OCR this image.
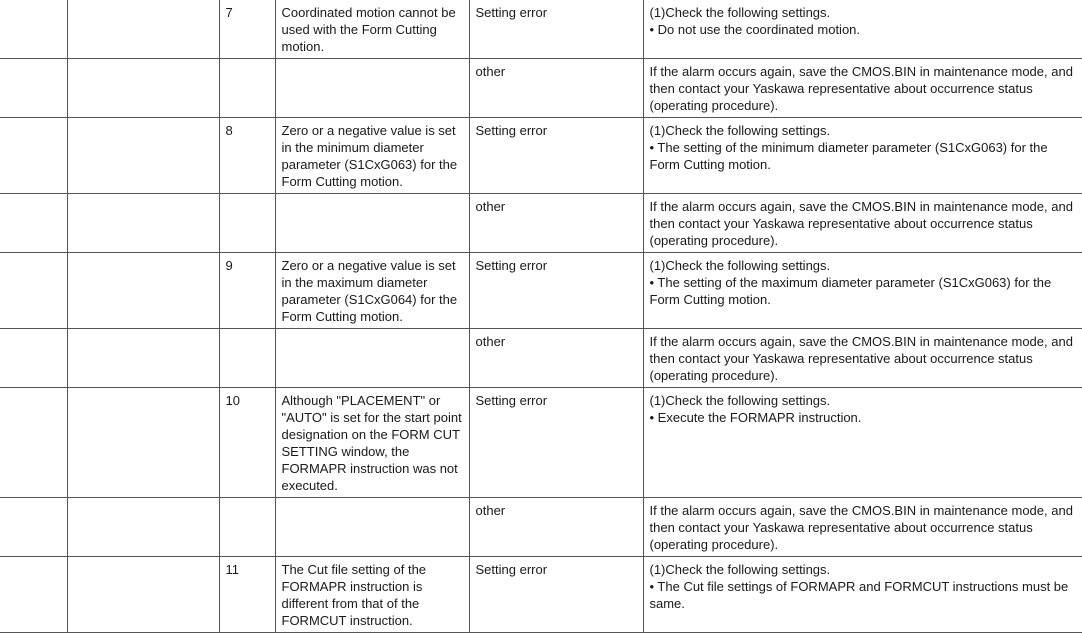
		7	Coordinated motion cannot be used with the Form Cutting motion.	Setting error	(1)Check the following settings.
• Do not use the coordinated motion.

				other	If the alarm occurs again, save the CMOS.BIN in maintenance mode, and then contact your Yaskawa representative about occurrence status (operating procedure).

		8	Zero or a negative value is set in the minimum diameter parameter (S1CxG063) for the Form Cutting motion.	Setting error	(1)Check the following settings.
• The setting of the minimum diameter parameter (S1CxG063) for the Form Cutting motion.

				other	If the alarm occurs again, save the CMOS.BIN in maintenance mode, and then contact your Yaskawa representative about occurrence status (operating procedure).

		9	Zero or a negative value is set in the maximum diameter parameter (S1CxG064) for the Form Cutting motion.	Setting error	(1)Check the following settings.
• The setting of the maximum diameter parameter (S1CxG063) for the Form Cutting motion.

				other	If the alarm occurs again, save the CMOS.BIN in maintenance mode, and then contact your Yaskawa representative about occurrence status (operating procedure).

		10	Although "PLACEMENT" or "AUTO" is set for the start point designation on the FORM CUT SETTING window, the FORMAPR instruction was not executed.	Setting error	(1)Check the following settings.
• Execute the FORMAPR instruction.

				other	If the alarm occurs again, save the CMOS.BIN in maintenance mode, and then contact your Yaskawa representative about occurrence status (operating procedure).

		11	The Cut file setting of the FORMAPR instruction is different from that of the FORMCUT instruction.	Setting error	(1)Check the following settings.
• The Cut file settings of FORMAPR and FORMCUT instructions must be same.
